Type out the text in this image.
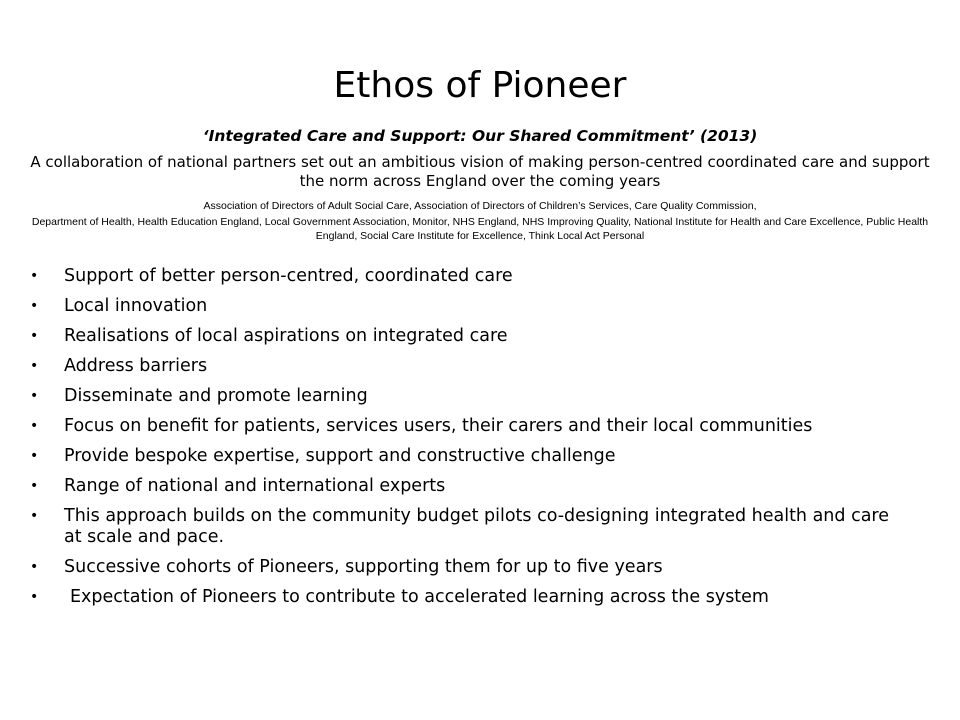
Ethos of Pioneer
‘Integrated Care and Support: Our Shared Commitment’ (2013)
A collaboration of national partners set out an ambitious vision of making person-centred coordinated care and support the norm across England over the coming years
Association of Directors of Adult Social Care, Association of Directors of Children’s Services, Care Quality Commission,
Department of Health, Health Education England, Local Government Association, Monitor, NHS England, NHS Improving Quality, National Institute for Health and Care Excellence, Public Health England, Social Care Institute for Excellence, Think Local Act Personal
•	Support of better person-centred, coordinated care
•	Local innovation
•	Realisations of local aspirations on integrated care
•	Address barriers
•	Disseminate and promote learning
•	Focus on benefit for patients, services users, their carers and their local communities
•	Provide bespoke expertise, support and constructive challenge
•	Range of national and international experts
•	This approach builds on the community budget pilots co-designing integrated health and care at scale and pace.
•	Successive cohorts of Pioneers, supporting them for up to five years
•	Expectation of Pioneers to contribute to accelerated learning across the system
